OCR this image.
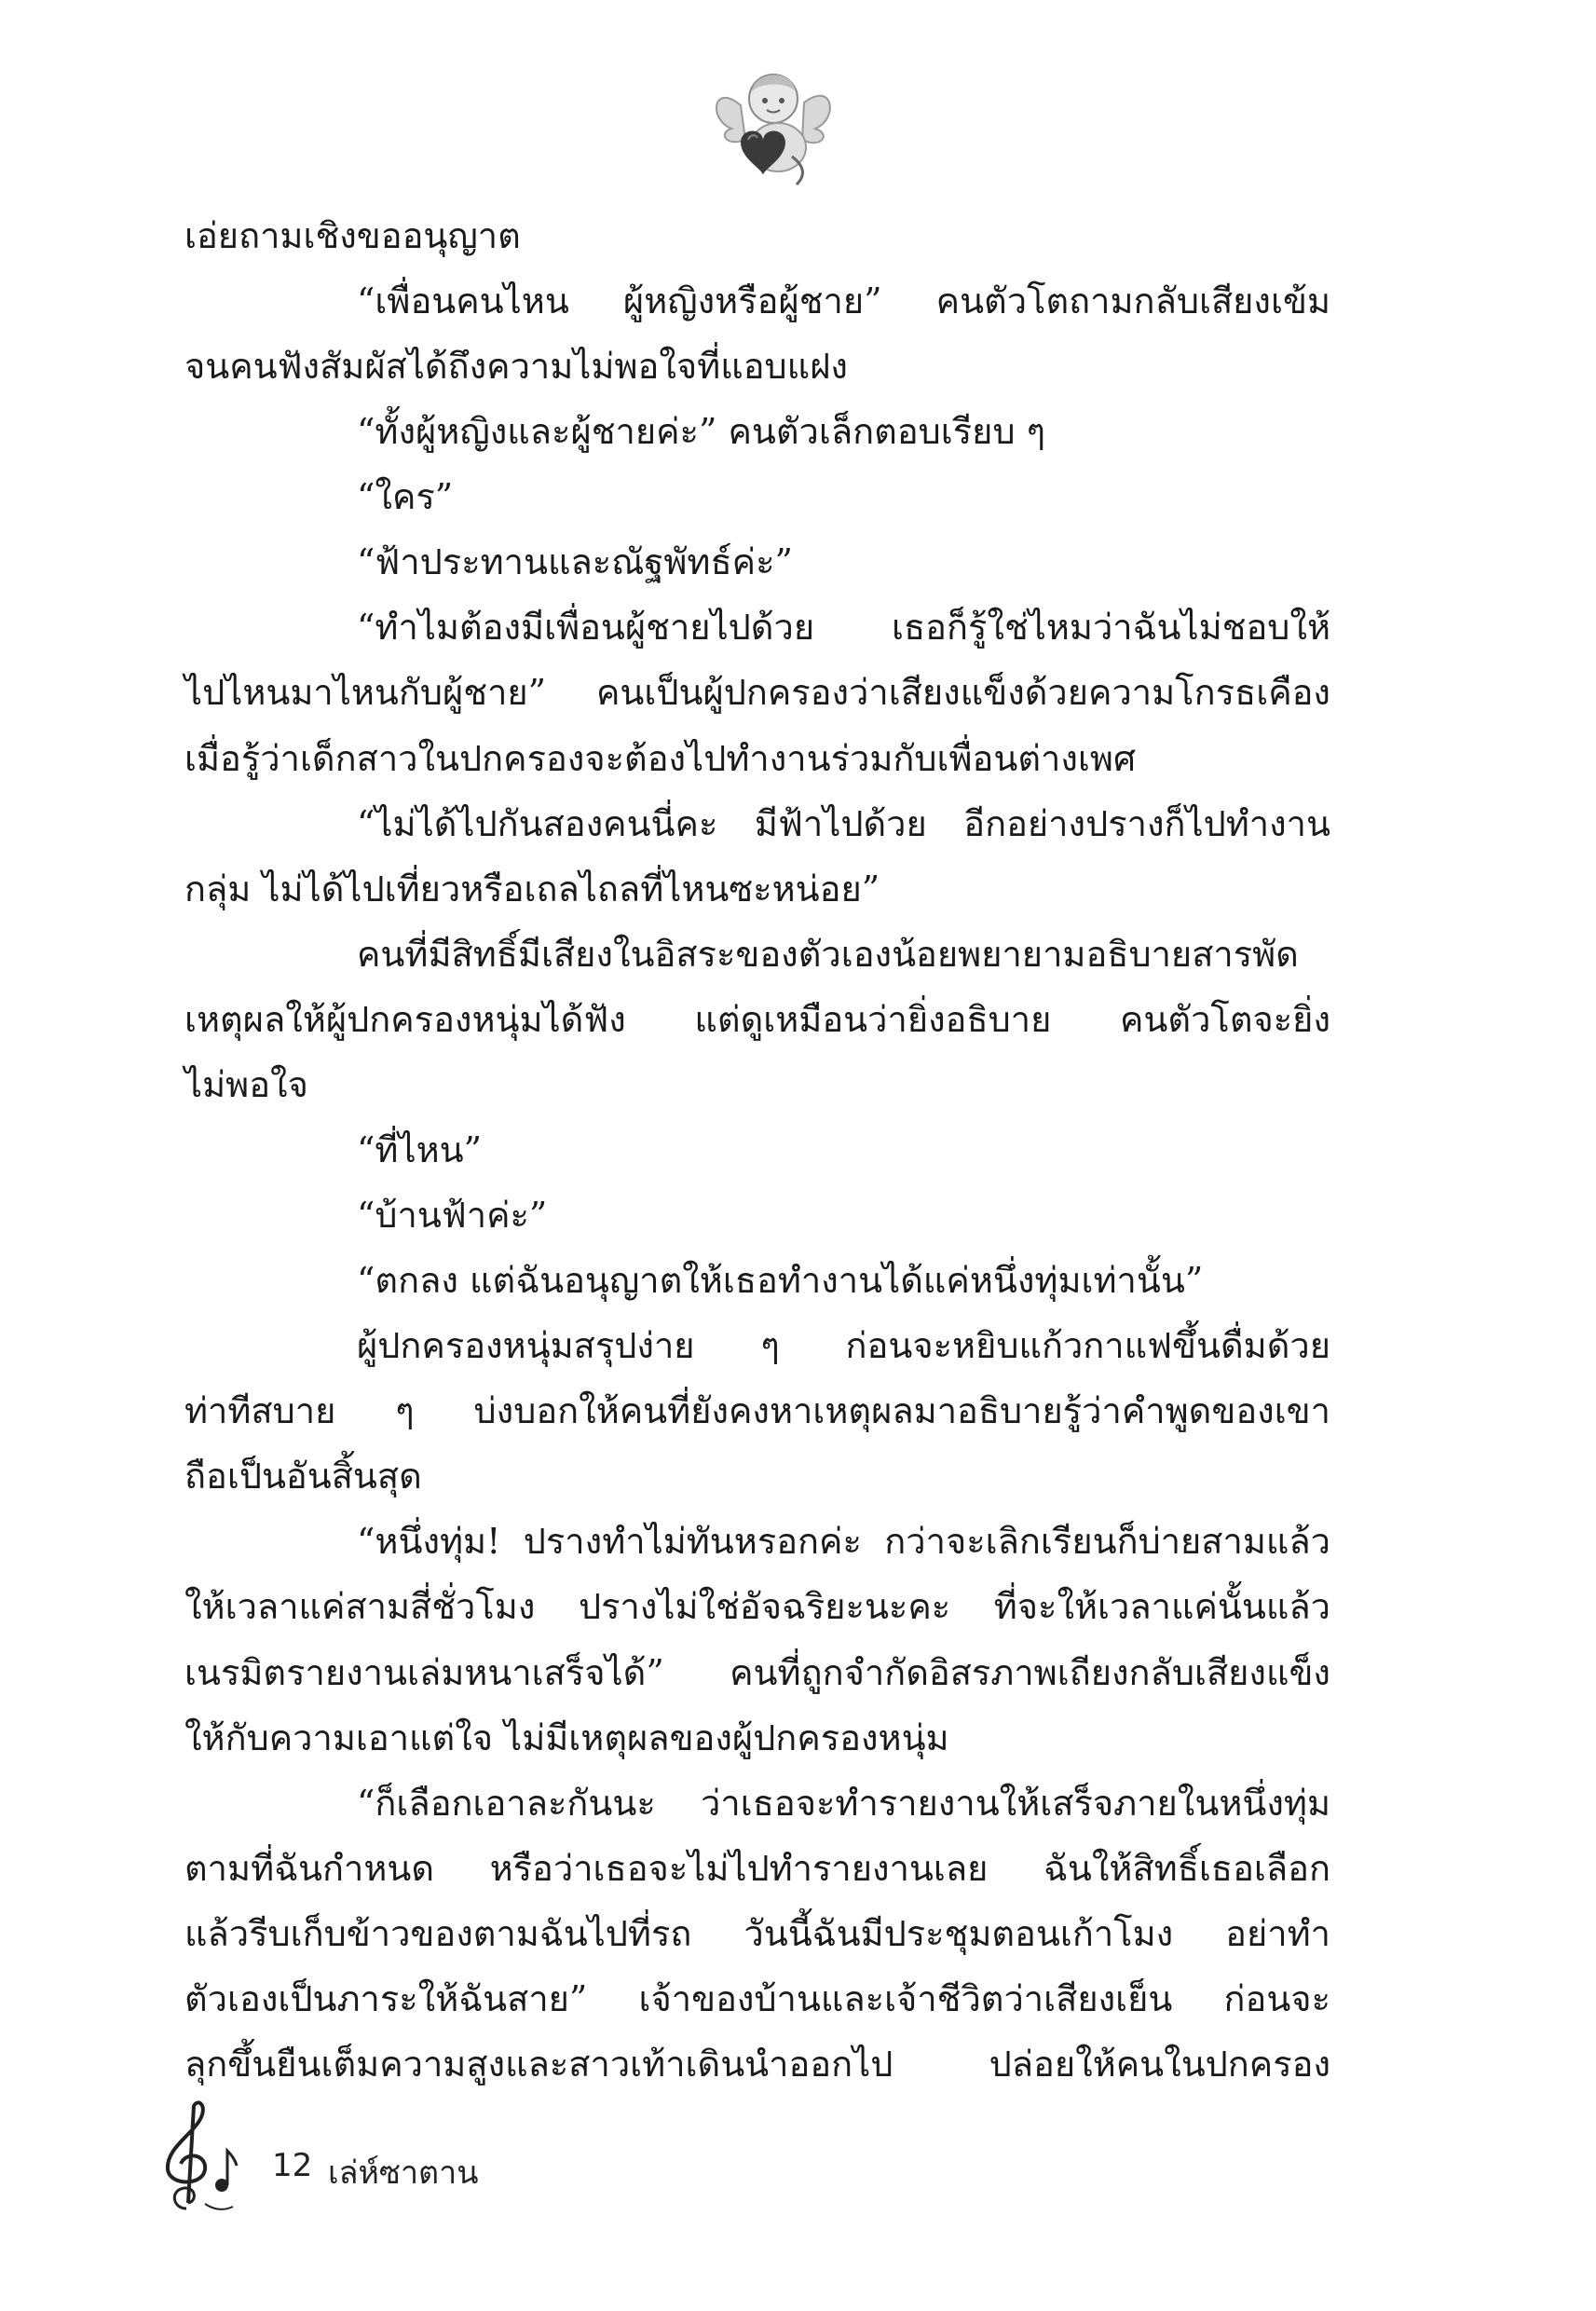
เอ่ยถามเชิงขออนุญาต
“เพื่อนคนไหน ผู้หญิงหรือผู้ชาย” คนตัวโตถามกลับเสียงเข้ม
จนคนฟังสัมผัสได้ถึงความไม่พอใจที่แอบแฝง
“ทั้งผู้หญิงและผู้ชายค่ะ” คนตัวเล็กตอบเรียบ ๆ
“ใคร”
“ฟ้าประทานและณัฐพัทธ์ค่ะ”
“ทำไมต้องมีเพื่อนผู้ชายไปด้วย เธอก็รู้ใช่ไหมว่าฉันไม่ชอบให้
ไปไหนมาไหนกับผู้ชาย” คนเป็นผู้ปกครองว่าเสียงแข็งด้วยความโกรธเคือง
เมื่อรู้ว่าเด็กสาวในปกครองจะต้องไปทำงานร่วมกับเพื่อนต่างเพศ
“ไม่ได้ไปกันสองคนนี่คะ มีฟ้าไปด้วย อีกอย่างปรางก็ไปทำงาน
กลุ่ม ไม่ได้ไปเที่ยวหรือเถลไถลที่ไหนซะหน่อย”
คนที่มีสิทธิ์มีเสียงในอิสระของตัวเองน้อยพยายามอธิบายสารพัด
เหตุผลให้ผู้ปกครองหนุ่มได้ฟัง แต่ดูเหมือนว่ายิ่งอธิบาย คนตัวโตจะยิ่ง
ไม่พอใจ
“ที่ไหน”
“บ้านฟ้าค่ะ”
“ตกลง แต่ฉันอนุญาตให้เธอทำงานได้แค่หนึ่งทุ่มเท่านั้น”
ผู้ปกครองหนุ่มสรุปง่าย ๆ ก่อนจะหยิบแก้วกาแฟขึ้นดื่มด้วย
ท่าทีสบาย ๆ บ่งบอกให้คนที่ยังคงหาเหตุผลมาอธิบายรู้ว่าคำพูดของเขา
ถือเป็นอันสิ้นสุด
“หนึ่งทุ่ม! ปรางทำไม่ทันหรอกค่ะ กว่าจะเลิกเรียนก็บ่ายสามแล้ว
ให้เวลาแค่สามสี่ชั่วโมง ปรางไม่ใช่อัจฉริยะนะคะ ที่จะให้เวลาแค่นั้นแล้ว
เนรมิตรายงานเล่มหนาเสร็จได้” คนที่ถูกจำกัดอิสรภาพเถียงกลับเสียงแข็ง
ให้กับความเอาแต่ใจ ไม่มีเหตุผลของผู้ปกครองหนุ่ม
“ก็เลือกเอาละกันนะ ว่าเธอจะทำรายงานให้เสร็จภายในหนึ่งทุ่ม
ตามที่ฉันกำหนด หรือว่าเธอจะไม่ไปทำรายงานเลย ฉันให้สิทธิ์เธอเลือก
แล้วรีบเก็บข้าวของตามฉันไปที่รถ วันนี้ฉันมีประชุมตอนเก้าโมง อย่าทำ
ตัวเองเป็นภาระให้ฉันสาย” เจ้าของบ้านและเจ้าชีวิตว่าเสียงเย็น ก่อนจะ
ลุกขึ้นยืนเต็มความสูงและสาวเท้าเดินนำออกไป ปล่อยให้คนในปกครอง
12 เล่ห์ซาตาน
